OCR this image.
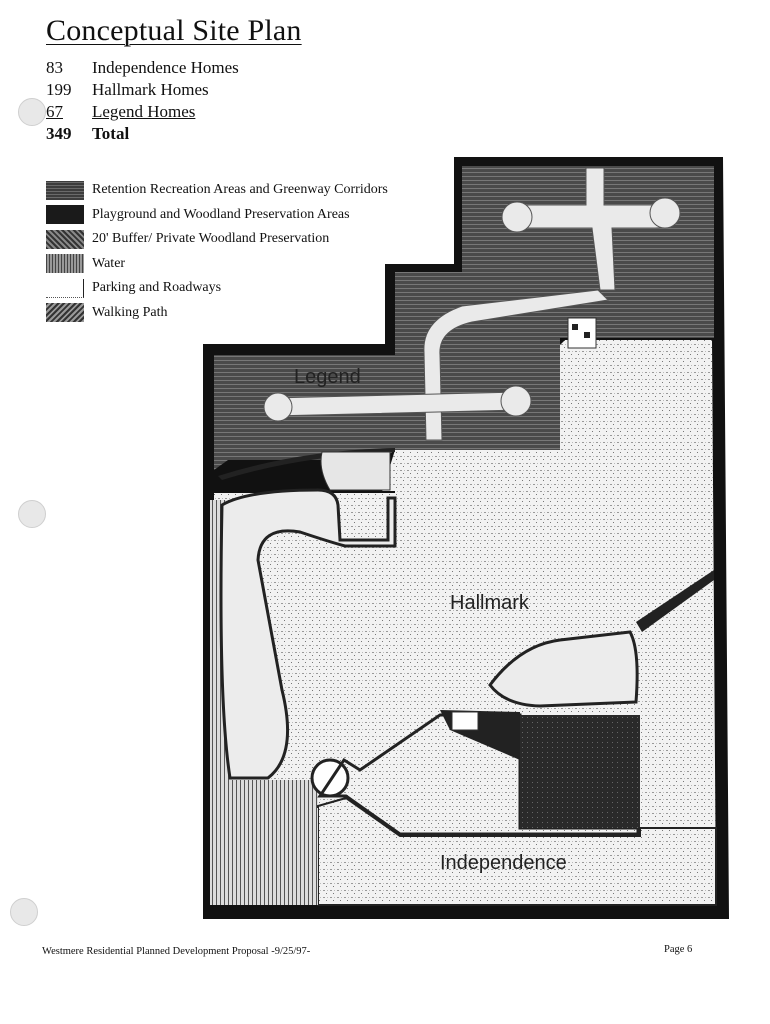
Conceptual Site Plan
83	Independence Homes
199	Hallmark Homes
67	Legend Homes
349	Total
Legend
Hallmark
Independence
Retention Recreation Areas and Greenway Corridors
Playground and Woodland Preservation Areas
20' Buffer/ Private Woodland Preservation
Water
Parking and Roadways
Walking Path
Westmere Residential Planned Development Proposal -9/25/97-	Page 6
